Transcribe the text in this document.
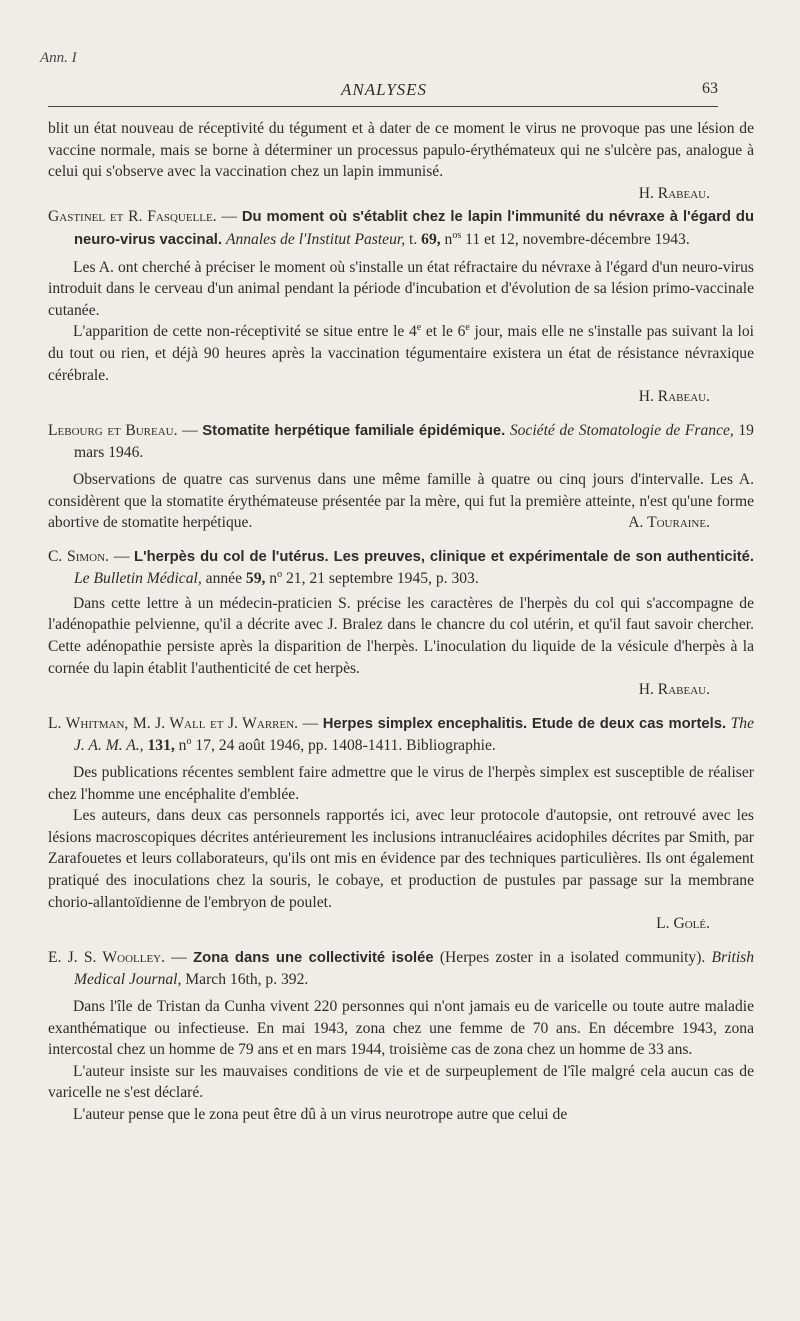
Ann. I
ANALYSES	63

blit un état nouveau de réceptivité du tégument et à dater de ce moment le virus ne provoque pas une lésion de vaccine normale, mais se borne à déterminer un processus papulo-érythémateux qui ne s'ulcère pas, analogue à celui qui s'observe avec la vaccination chez un lapin immunisé.

H. Rabeau.

Gastinel et R. Fasquelle. — Du moment où s'établit chez le lapin l'immunité du névraxe à l'égard du neuro-virus vaccinal. Annales de l'Institut Pasteur, t. 69, $n^{os}$ 11 et 12, novembre-décembre 1943.

Les A. ont cherché à préciser le moment où s'installe un état réfractaire du névraxe à l'égard d'un neuro-virus introduit dans le cerveau d'un animal pendant la période d'incubation et d'évolution de sa lésion primo-vaccinale cutanée.

L'apparition de cette non-réceptivité se situe entre le 4e et le 6e jour, mais elle ne s'installe pas suivant la loi du tout ou rien, et déjà 90 heures après la vaccination tégumentaire existera un état de résistance névraxique cérébrale.

H. Rabeau.

Lebourg et Bureau. — Stomatite herpétique familiale épidémique. Société de Stomatologie de France, 19 mars 1946.

Observations de quatre cas survenus dans une même famille à quatre ou cinq jours d'intervalle. Les A. considèrent que la stomatite érythémateuse présentée par la mère, qui fut la première atteinte, n'est qu'une forme abortive de stomatite herpétique.	A. Touraine.

C. Simon. — L'herpès du col de l'utérus. Les preuves, clinique et expérimentale de son authenticité. Le Bulletin Médical, année 59, $n^o$ 21, 21 septembre 1945, p. 303.

Dans cette lettre à un médecin-praticien S. précise les caractères de l'herpès du col qui s'accompagne de l'adénopathie pelvienne, qu'il a décrite avec J. Bralez dans le chancre du col utérin, et qu'il faut savoir chercher. Cette adénopathie persiste après la disparition de l'herpès. L'inoculation du liquide de la vésicule d'herpès à la cornée du lapin établit l'authenticité de cet herpès.

H. Rabeau.

L. Whitman, M. J. Wall et J. Warren. — Herpes simplex encephalitis. Etude de deux cas mortels. The J. A. M. A., 131, $n^o$ 17, 24 août 1946, pp. 1408-1411. Bibliographie.

Des publications récentes semblent faire admettre que le virus de l'herpès simplex est susceptible de réaliser chez l'homme une encéphalite d'emblée.

Les auteurs, dans deux cas personnels rapportés ici, avec leur protocole d'autopsie, ont retrouvé avec les lésions macroscopiques décrites antérieurement les inclusions intranucléaires acidophiles décrites par Smith, par Zarafouetes et leurs collaborateurs, qu'ils ont mis en évidence par des techniques particulières. Ils ont également pratiqué des inoculations chez la souris, le cobaye, et production de pustules par passage sur la membrane chorio-allantoïdienne de l'embryon de poulet.

L. Golé.

E. J. S. Woolley. — Zona dans une collectivité isolée (Herpes zoster in a isolated community). British Medical Journal, March 16th, p. 392.

Dans l'île de Tristan da Cunha vivent 220 personnes qui n'ont jamais eu de varicelle ou toute autre maladie exanthématique ou infectieuse. En mai 1943, zona chez une femme de 70 ans. En décembre 1943, zona intercostal chez un homme de 79 ans et en mars 1944, troisième cas de zona chez un homme de 33 ans.

L'auteur insiste sur les mauvaises conditions de vie et de surpeuplement de l'île malgré cela aucun cas de varicelle ne s'est déclaré.

L'auteur pense que le zona peut être dû à un virus neurotrope autre que celui de
